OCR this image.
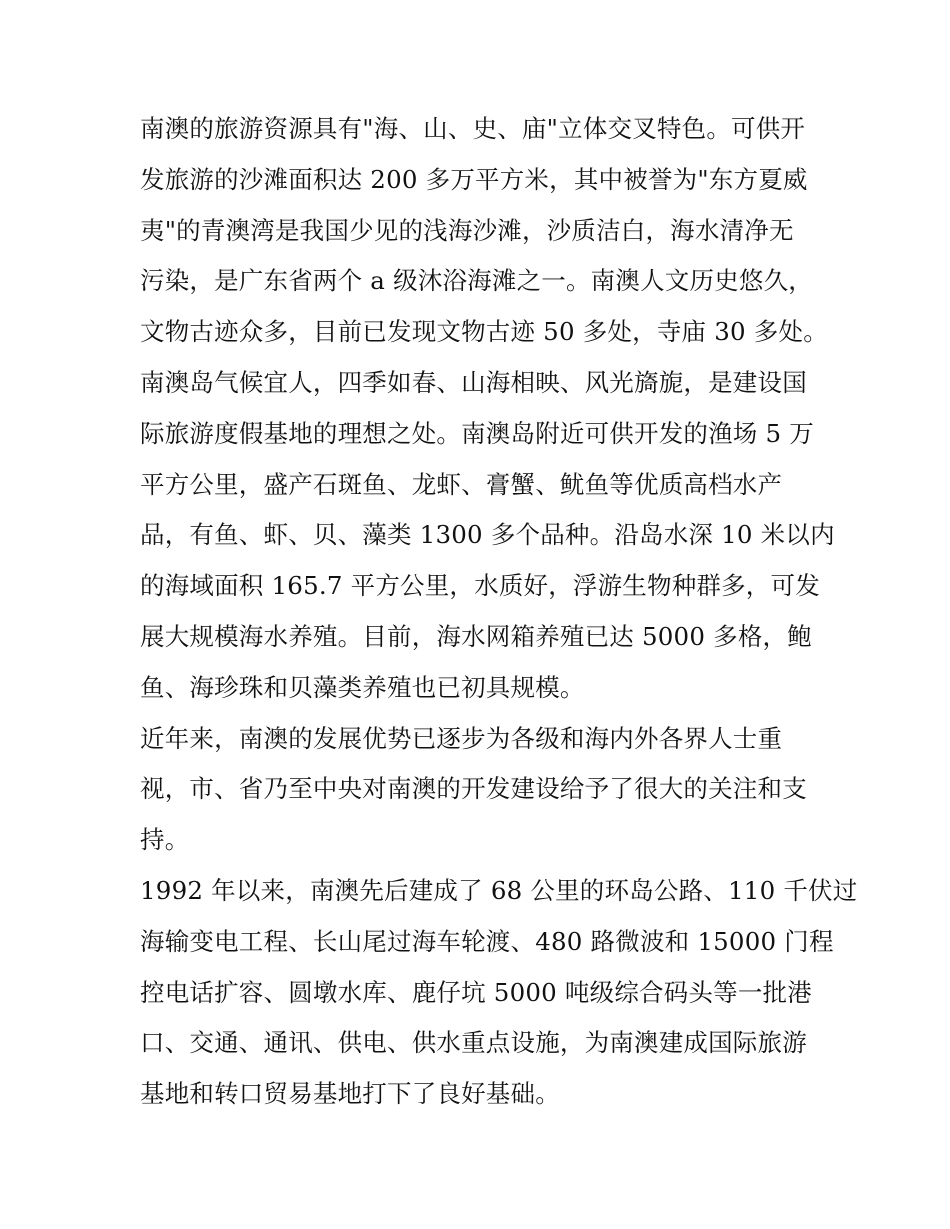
南澳的旅游资源具有"海、山、史、庙"立体交叉特色。可供开
发旅游的沙滩面积达 200 多万平方米，其中被誉为"东方夏威
夷"的青澳湾是我国少见的浅海沙滩，沙质洁白，海水清净无
污染，是广东省两个 a 级沐浴海滩之一。南澳人文历史悠久，
文物古迹众多，目前已发现文物古迹 50 多处，寺庙 30 多处。
南澳岛气候宜人，四季如春、山海相映、风光旖旎，是建设国
际旅游度假基地的理想之处。南澳岛附近可供开发的渔场 5 万
平方公里，盛产石斑鱼、龙虾、膏蟹、鱿鱼等优质高档水产
品，有鱼、虾、贝、藻类 1300 多个品种。沿岛水深 10 米以内
的海域面积 165.7 平方公里，水质好，浮游生物种群多，可发
展大规模海水养殖。目前，海水网箱养殖已达 5000 多格，鲍
鱼、海珍珠和贝藻类养殖也已初具规模。
近年来，南澳的发展优势已逐步为各级和海内外各界人士重
视，市、省乃至中央对南澳的开发建设给予了很大的关注和支
持。
1992 年以来，南澳先后建成了 68 公里的环岛公路、110 千伏过
海输变电工程、长山尾过海车轮渡、480 路微波和 15000 门程
控电话扩容、圆墩水库、鹿仔坑 5000 吨级综合码头等一批港
口、交通、通讯、供电、供水重点设施，为南澳建成国际旅游
基地和转口贸易基地打下了良好基础。
